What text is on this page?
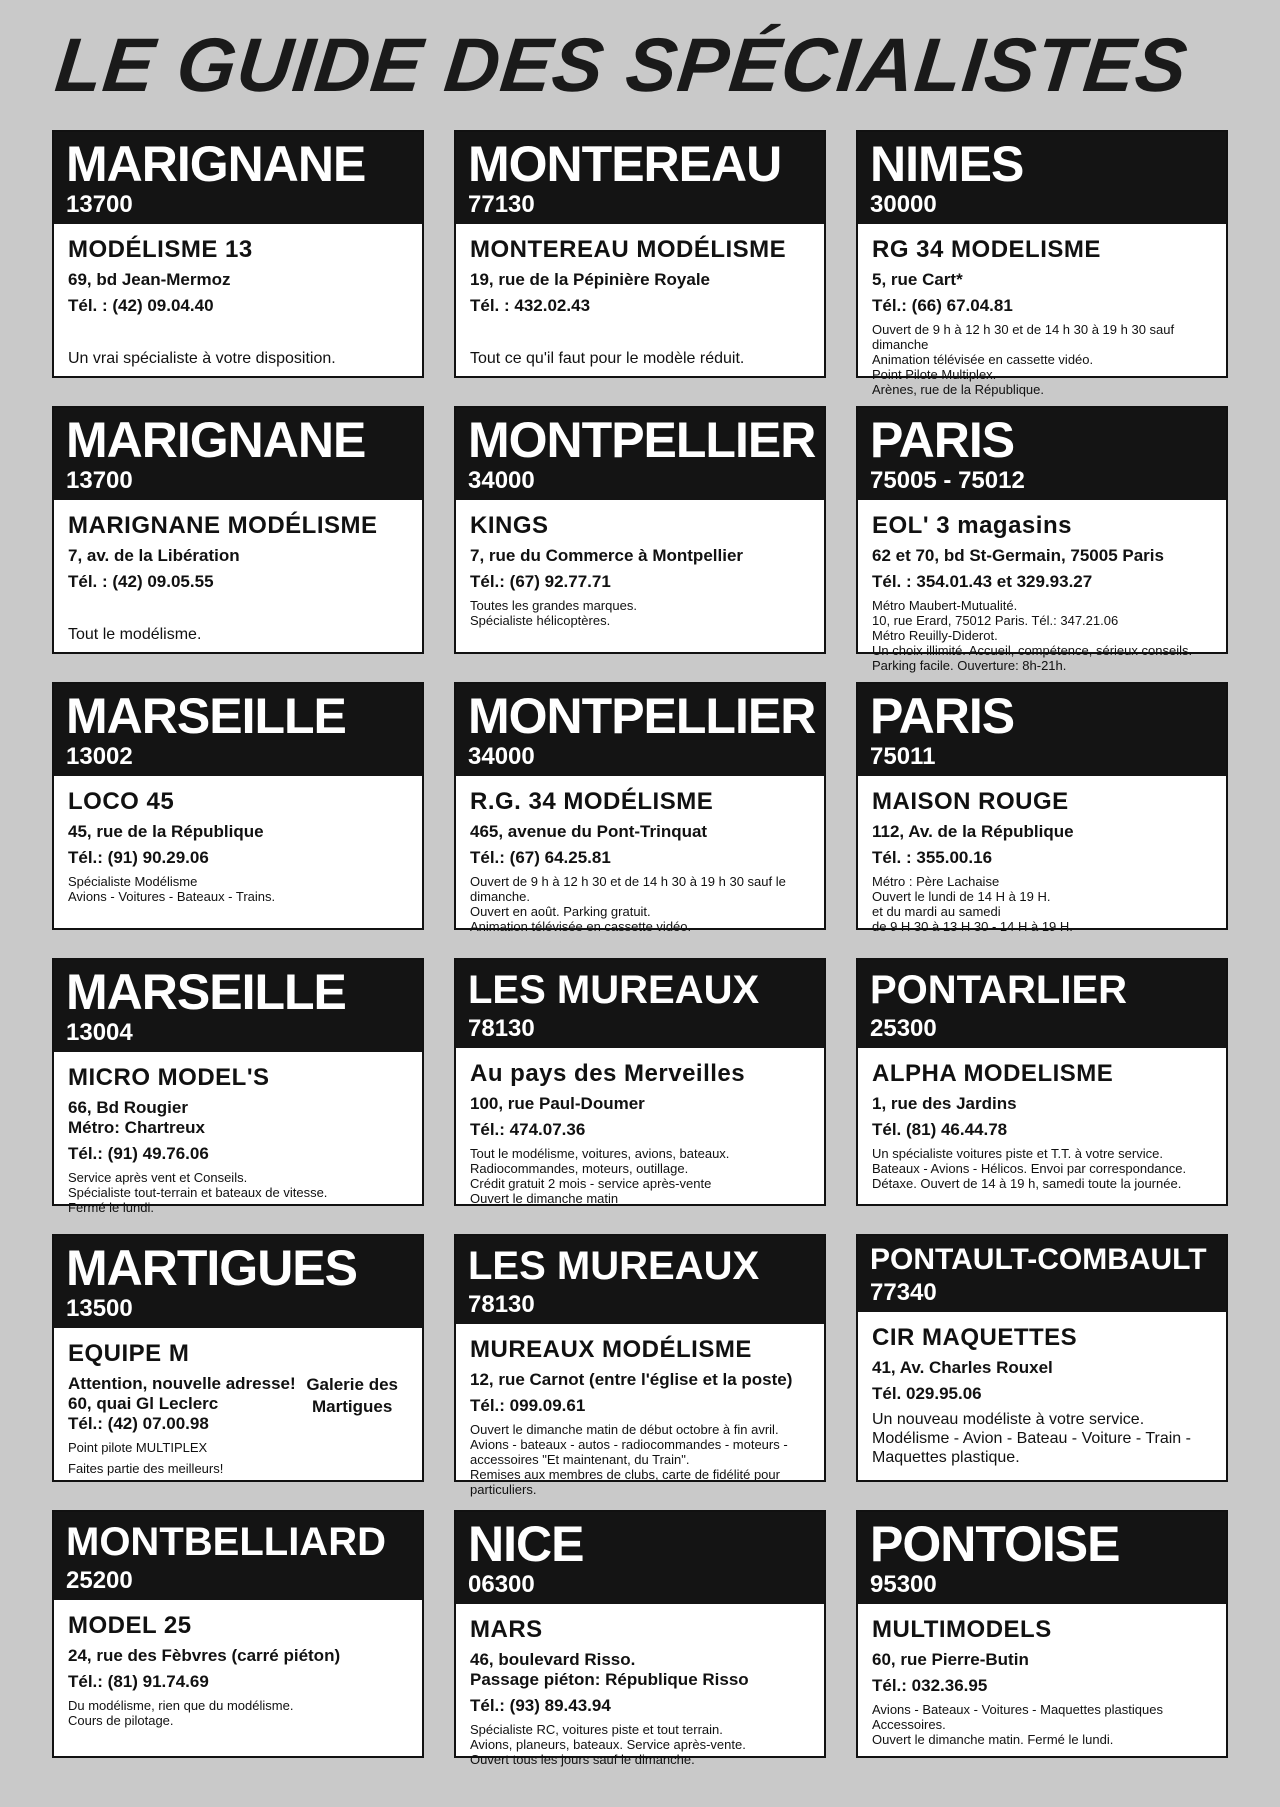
LE GUIDE DES SPÉCIALISTES
MARIGNANE
13700
MODÉLISME 13
69, bd Jean-Mermoz
Tél. : (42) 09.04.40
Un vrai spécialiste à votre disposition.
MONTEREAU
77130
MONTEREAU MODÉLISME
19, rue de la Pépinière Royale
Tél. : 432.02.43
Tout ce qu'il faut pour le modèle réduit.
NIMES
30000
RG 34 MODELISME
5, rue Cart*
Tél.: (66) 67.04.81
Ouvert de 9 h à 12 h 30 et de 14 h 30 à 19 h 30 sauf dimanche
Animation télévisée en cassette vidéo.
Point Pilote Multiplex.
Arènes, rue de la République.
MARIGNANE
13700
MARIGNANE MODÉLISME
7, av. de la Libération
Tél. : (42) 09.05.55
Tout le modélisme.
MONTPELLIER
34000
KINGS
7, rue du Commerce à Montpellier
Tél.: (67) 92.77.71
Toutes les grandes marques.
Spécialiste hélicoptères.
PARIS
75005 - 75012
EOL' 3 magasins
62 et 70, bd St-Germain, 75005 Paris
Tél. : 354.01.43 et 329.93.27
Métro Maubert-Mutualité.
10, rue Erard, 75012 Paris. Tél.: 347.21.06
Métro Reuilly-Diderot.
Un choix illimité. Accueil, compétence, sérieux conseils. Parking facile. Ouverture: 8h-21h.
MARSEILLE
13002
LOCO 45
45, rue de la République
Tél.: (91) 90.29.06
Spécialiste Modélisme
Avions - Voitures - Bateaux - Trains.
MONTPELLIER
34000
R.G. 34 MODÉLISME
465, avenue du Pont-Trinquat
Tél.: (67) 64.25.81
Ouvert de 9 h à 12 h 30 et de 14 h 30 à 19 h 30 sauf le dimanche.
Ouvert en août. Parking gratuit.
Animation télévisée en cassette vidéo.
PARIS
75011
MAISON ROUGE
112, Av. de la République
Tél. : 355.00.16
Métro : Père Lachaise
Ouvert le lundi de 14 H à 19 H.
et du mardi au samedi
de 9 H 30 à 13 H 30 - 14 H à 19 H.
MARSEILLE
13004
MICRO MODEL'S
66, Bd Rougier
Métro: Chartreux
Tél.: (91) 49.76.06
Service après vent et Conseils.
Spécialiste tout-terrain et bateaux de vitesse.
Fermé le lundi.
LES MUREAUX
78130
Au pays des Merveilles
100, rue Paul-Doumer
Tél.: 474.07.36
Tout le modélisme, voitures, avions, bateaux. Radiocommandes, moteurs, outillage.
Crédit gratuit 2 mois - service après-vente
Ouvert le dimanche matin
PONTARLIER
25300
ALPHA MODELISME
1, rue des Jardins
Tél. (81) 46.44.78
Un spécialiste voitures piste et T.T. à votre service. Bateaux - Avions - Hélicos. Envoi par correspondance. Détaxe. Ouvert de 14 à 19 h, samedi toute la journée.
MARTIGUES
13500
EQUIPE M
Attention, nouvelle adresse!
60, quai Gl Leclerc
Tél.: (42) 07.00.98
Galerie des
Martigues
Point pilote MULTIPLEX
Faites partie des meilleurs!
LES MUREAUX
78130
MUREAUX MODÉLISME
12, rue Carnot (entre l'église et la poste)
Tél.: 099.09.61
Ouvert le dimanche matin de début octobre à fin avril. Avions - bateaux - autos - radiocommandes - moteurs - accessoires "Et maintenant, du Train".
Remises aux membres de clubs, carte de fidélité pour particuliers.
PONTAULT-COMBAULT
77340
CIR MAQUETTES
41, Av. Charles Rouxel
Tél. 029.95.06
Un nouveau modéliste à votre service.
Modélisme - Avion - Bateau - Voiture - Train - Maquettes plastique.
MONTBELLIARD
25200
MODEL 25
24, rue des Fèbvres (carré piéton)
Tél.: (81) 91.74.69
Du modélisme, rien que du modélisme.
Cours de pilotage.
NICE
06300
MARS
46, boulevard Risso.
Passage piéton: République Risso
Tél.: (93) 89.43.94
Spécialiste RC, voitures piste et tout terrain.
Avions, planeurs, bateaux. Service après-vente.
Ouvert tous les jours sauf le dimanche.
PONTOISE
95300
MULTIMODELS
60, rue Pierre-Butin
Tél.: 032.36.95
Avions - Bateaux - Voitures - Maquettes plastiques Accessoires.
Ouvert le dimanche matin. Fermé le lundi.
